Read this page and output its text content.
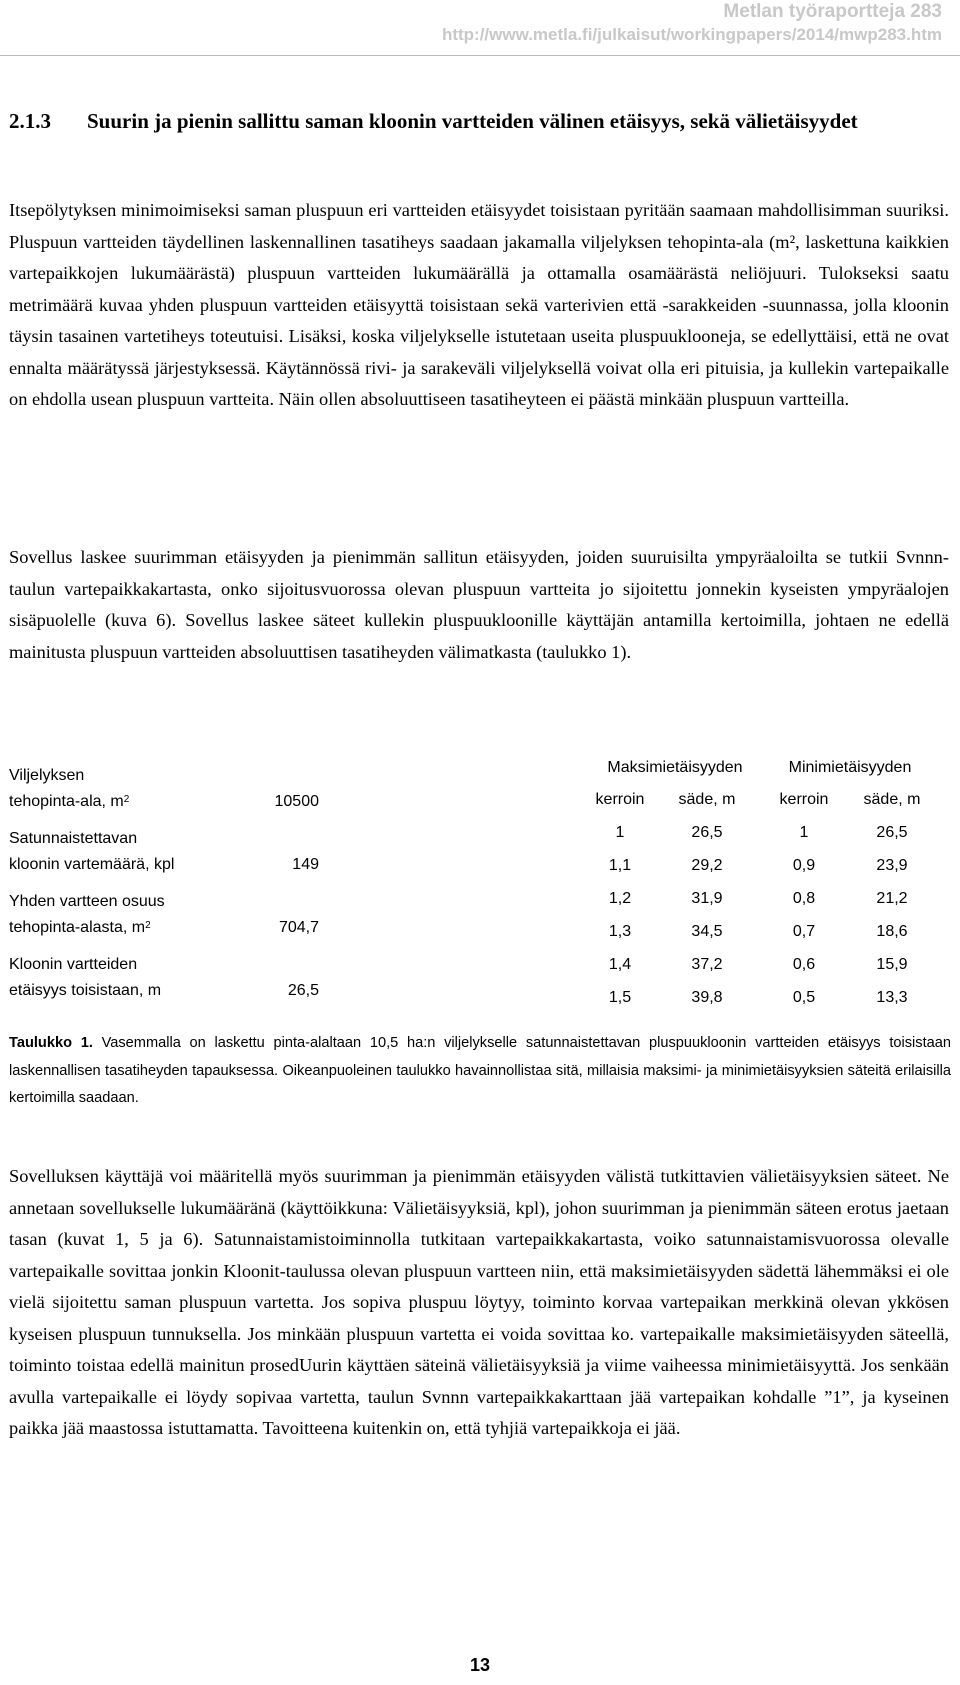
Metlan työraportteja 283
http://www.metla.fi/julkaisut/workingpapers/2014/mwp283.htm
2.1.3 Suurin ja pienin sallittu saman kloonin vartteiden välinen etäisyys, sekä välietäisyydet

Itsepölytyksen minimoimiseksi saman pluspuun eri vartteiden etäisyydet toisistaan pyritään saamaan mahdollisimman suuriksi. Pluspuun vartteiden täydellinen laskennallinen tasatiheys saadaan jakamalla viljelyksen tehopinta-ala (m², laskettuna kaikkien vartepaikkojen lukumäärästä) pluspuun vartteiden lukumäärällä ja ottamalla osamäärästä neliöjuuri. Tulokseksi saatu metrimäärä kuvaa yhden pluspuun vartteiden etäisyyttä toisistaan sekä varterivien että -sarakkeiden -suunnassa, jolla kloonin täysin tasainen vartetiheys toteutuisi. Lisäksi, koska viljelykselle istutetaan useita pluspuuklooneja, se edellyttäisi, että ne ovat ennalta määrätyssä järjestyksessä. Käytännössä rivi- ja sarakeväli viljelyksellä voivat olla eri pituisia, ja kullekin vartepaikalle on ehdolla usean pluspuun vartteita. Näin ollen absoluuttiseen tasatiheyteen ei päästä minkään pluspuun vartteilla.

Sovellus laskee suurimman etäisyyden ja pienimmän sallitun etäisyyden, joiden suuruisilta ympyräaloilta se tutkii Svnnn-taulun vartepaikkakartasta, onko sijoitusvuorossa olevan pluspuun vartteita jo sijoitettu jonnekin kyseisten ympyräalojen sisäpuolelle (kuva 6). Sovellus laskee säteet kullekin pluspuukloonille käyttäjän antamilla kertoimilla, johtaen ne edellä mainitusta pluspuun vartteiden absoluuttisen tasatiheyden välimatkasta (taulukko 1).

Viljelyksen
tehopinta-ala, $m^2$	10500
Satunnaistettavan
kloonin vartemäärä, kpl	149
Yhden vartteen osuus
tehopinta-alasta, $m^2$	704,7
Kloonin vartteiden
etäisyys toisistaan, m	26,5
Maksimietäisyyden	Minimietäisyyden
kerroin	säde, m	kerroin	säde, m
1	26,5	1	26,5
1,1	29,2	0,9	23,9
1,2	31,9	0,8	21,2
1,3	34,5	0,7	18,6
1,4	37,2	0,6	15,9
1,5	39,8	0,5	13,3

Taulukko 1. Vasemmalla on laskettu pinta-alaltaan 10,5 ha:n viljelykselle satunnaistettavan pluspuukloonin vartteiden etäisyys toisistaan laskennallisen tasatiheyden tapauksessa. Oikeanpuoleinen taulukko havainnollistaa sitä, millaisia maksimi- ja minimietäisyyksien säteitä erilaisilla kertoimilla saadaan.

Sovelluksen käyttäjä voi määritellä myös suurimman ja pienimmän etäisyyden välistä tutkittavien välietäisyyksien säteet. Ne annetaan sovellukselle lukumääränä (käyttöikkuna: Välietäisyyksiä, kpl), johon suurimman ja pienimmän säteen erotus jaetaan tasan (kuvat 1, 5 ja 6). Satunnaistamistoiminnolla tutkitaan vartepaikkakartasta, voiko satunnaistamisvuorossa olevalle vartepaikalle sovittaa jonkin Kloonit-taulussa olevan pluspuun vartteen niin, että maksimietäisyyden sädettä lähemmäksi ei ole vielä sijoitettu saman pluspuun vartetta. Jos sopiva pluspuu löytyy, toiminto korvaa vartepaikan merkkinä olevan ykkösen kyseisen pluspuun tunnuksella. Jos minkään pluspuun vartetta ei voida sovittaa ko. vartepaikalle maksimietäisyyden säteellä, toiminto toistaa edellä mainitun prosedUurin käyttäen säteinä välietäisyyksiä ja viime vaiheessa minimietäisyyttä. Jos senkään avulla vartepaikalle ei löydy sopivaa vartetta, taulun Svnnn vartepaikkakarttaan jää vartepaikan kohdalle ”1”, ja kyseinen paikka jää maastossa istuttamatta. Tavoitteena kuitenkin on, että tyhjiä vartepaikkoja ei jää.

13
